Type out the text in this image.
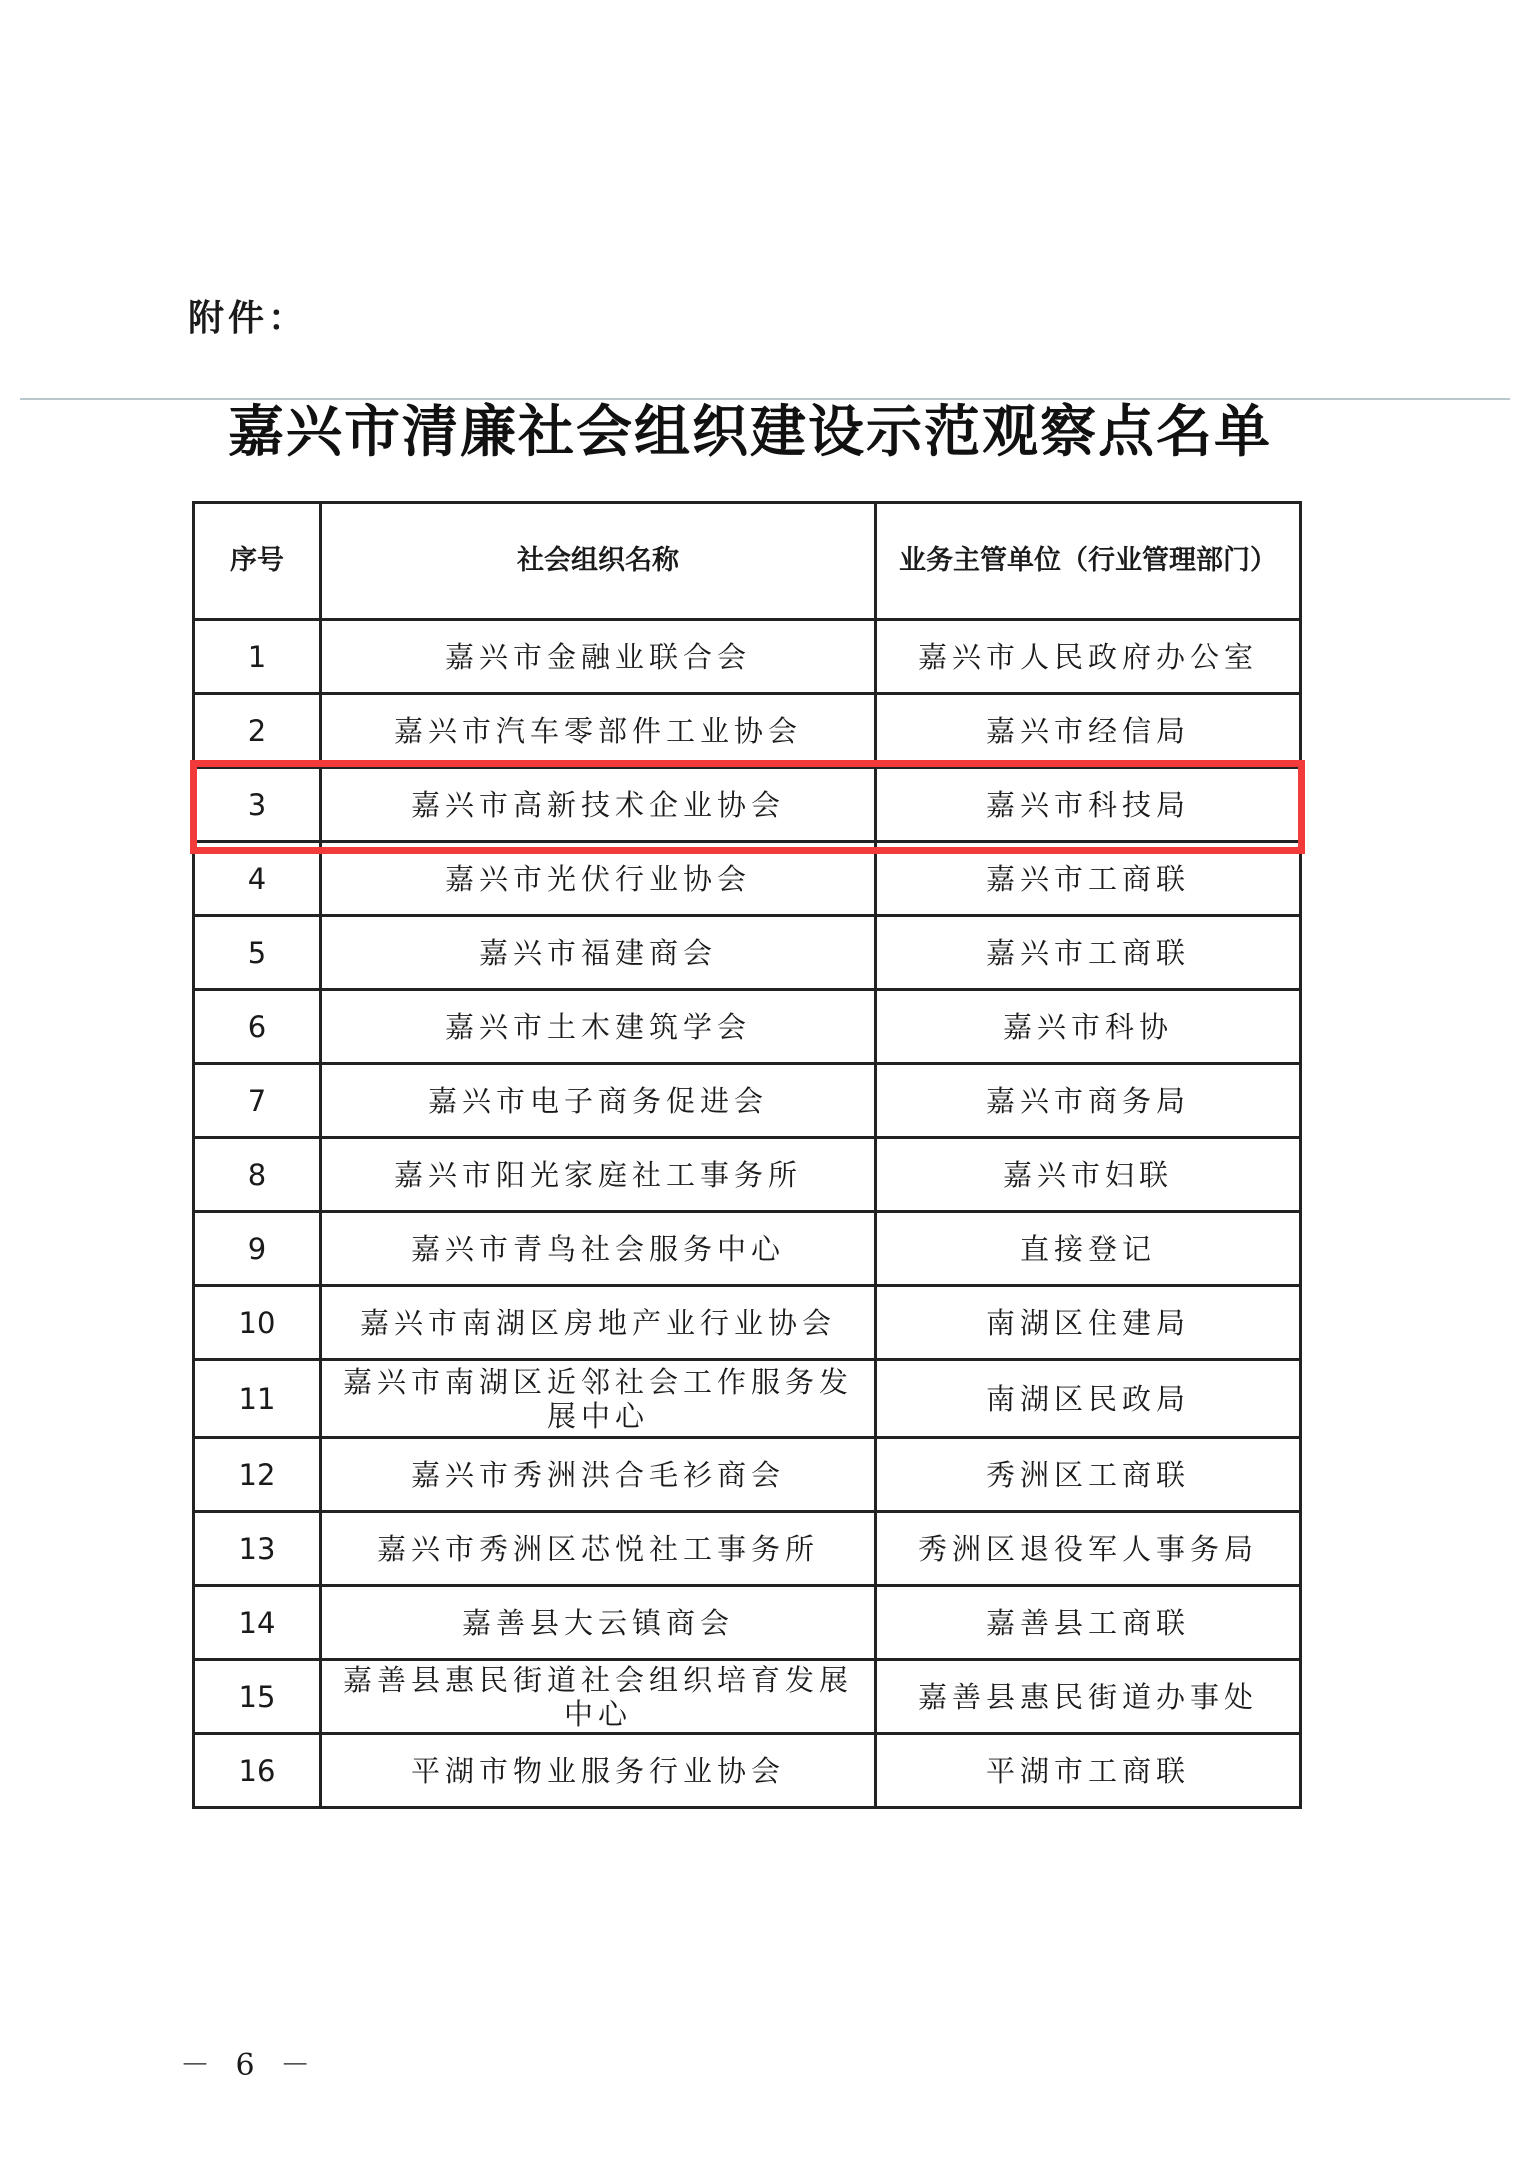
附件：
嘉兴市清廉社会组织建设示范观察点名单
序号	社会组织名称	业务主管单位（行业管理部门）
1	嘉兴市金融业联合会	嘉兴市人民政府办公室
2	嘉兴市汽车零部件工业协会	嘉兴市经信局
3	嘉兴市高新技术企业协会	嘉兴市科技局
4	嘉兴市光伏行业协会	嘉兴市工商联
5	嘉兴市福建商会	嘉兴市工商联
6	嘉兴市土木建筑学会	嘉兴市科协
7	嘉兴市电子商务促进会	嘉兴市商务局
8	嘉兴市阳光家庭社工事务所	嘉兴市妇联
9	嘉兴市青鸟社会服务中心	直接登记
10	嘉兴市南湖区房地产业行业协会	南湖区住建局
11	嘉兴市南湖区近邻社会工作服务发展中心	南湖区民政局
12	嘉兴市秀洲洪合毛衫商会	秀洲区工商联
13	嘉兴市秀洲区芯悦社工事务所	秀洲区退役军人事务局
14	嘉善县大云镇商会	嘉善县工商联
15	嘉善县惠民街道社会组织培育发展中心	嘉善县惠民街道办事处
16	平湖市物业服务行业协会	平湖市工商联
－ 6 －
